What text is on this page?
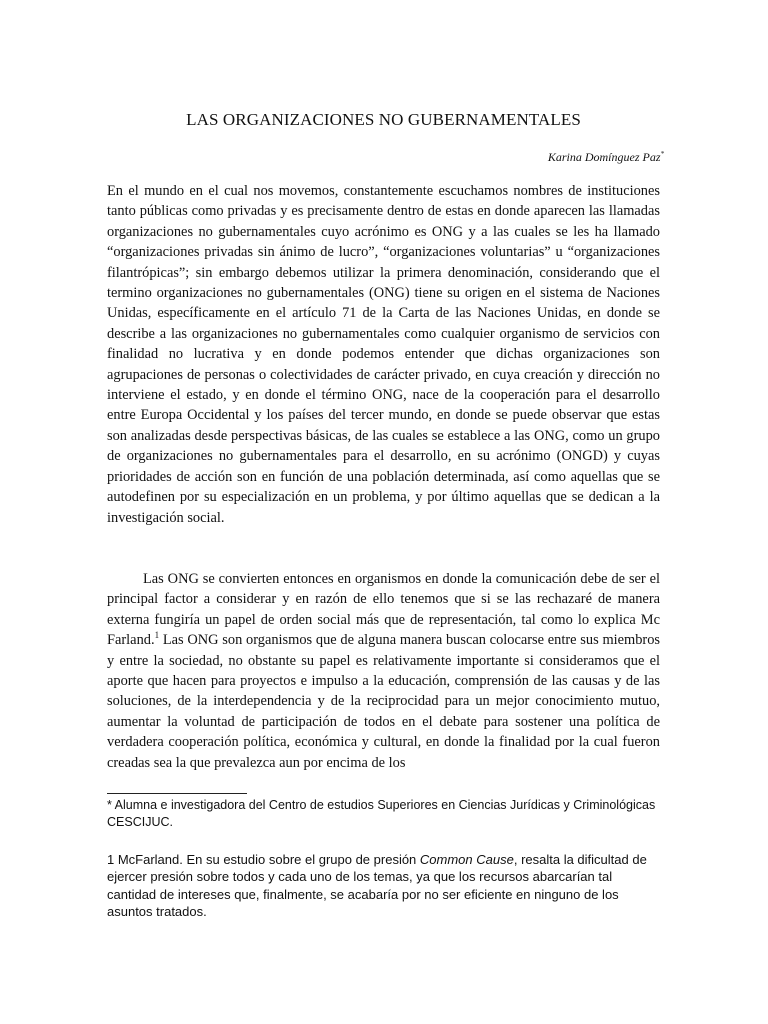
LAS ORGANIZACIONES NO GUBERNAMENTALES
Karina Domínguez Paz*

En el mundo en el cual nos movemos, constantemente escuchamos nombres de instituciones tanto públicas como privadas y es precisamente dentro de estas en donde aparecen las llamadas organizaciones no gubernamentales cuyo acrónimo es ONG y a las cuales se les ha llamado “organizaciones privadas sin ánimo de lucro”, “organizaciones voluntarias” u “organizaciones filantrópicas”; sin embargo debemos utilizar la primera denominación, considerando que el termino organizaciones no gubernamentales (ONG) tiene su origen en el sistema de Naciones Unidas, específicamente en el artículo 71 de la Carta de las Naciones Unidas, en donde se describe a las organizaciones no gubernamentales como cualquier organismo de servicios con finalidad no lucrativa y en donde podemos entender que dichas organizaciones son agrupaciones de personas o colectividades de carácter privado, en cuya creación y dirección no interviene el estado, y en donde el término ONG, nace de la cooperación para el desarrollo entre Europa Occidental y los países del tercer mundo, en donde se puede observar que estas son analizadas desde perspectivas básicas, de las cuales se establece a las ONG, como un grupo de organizaciones no gubernamentales para el desarrollo, en su acrónimo (ONGD) y cuyas prioridades de acción son en función de una población determinada, así como aquellas que se autodefinen por su especialización en un problema, y por último aquellas que se dedican a la investigación social.

Las ONG se convierten entonces en organismos en donde la comunicación debe de ser el principal factor a considerar y en razón de ello tenemos que si se las rechazaré de manera externa fungiría un papel de orden social más que de representación, tal como lo explica Mc Farland.$^1$ Las ONG son organismos que de alguna manera buscan colocarse entre sus miembros y entre la sociedad, no obstante su papel es relativamente importante si consideramos que el aporte que hacen para proyectos e impulso a la educación, comprensión de las causas y de las soluciones, de la interdependencia y de la reciprocidad para un mejor conocimiento mutuo, aumentar la voluntad de participación de todos en el debate para sostener una política de verdadera cooperación política, económica y cultural, en donde la finalidad por la cual fueron creadas sea la que prevalezca aun por encima de los

* Alumna e investigadora del Centro de estudios Superiores en Ciencias Jurídicas y Criminológicas CESCIJUC.

1 McFarland. En su estudio sobre el grupo de presión Common Cause, resalta la dificultad de ejercer presión sobre todos y cada uno de los temas, ya que los recursos abarcarían tal cantidad de intereses que, finalmente, se acabaría por no ser eficiente en ninguno de los asuntos tratados.
